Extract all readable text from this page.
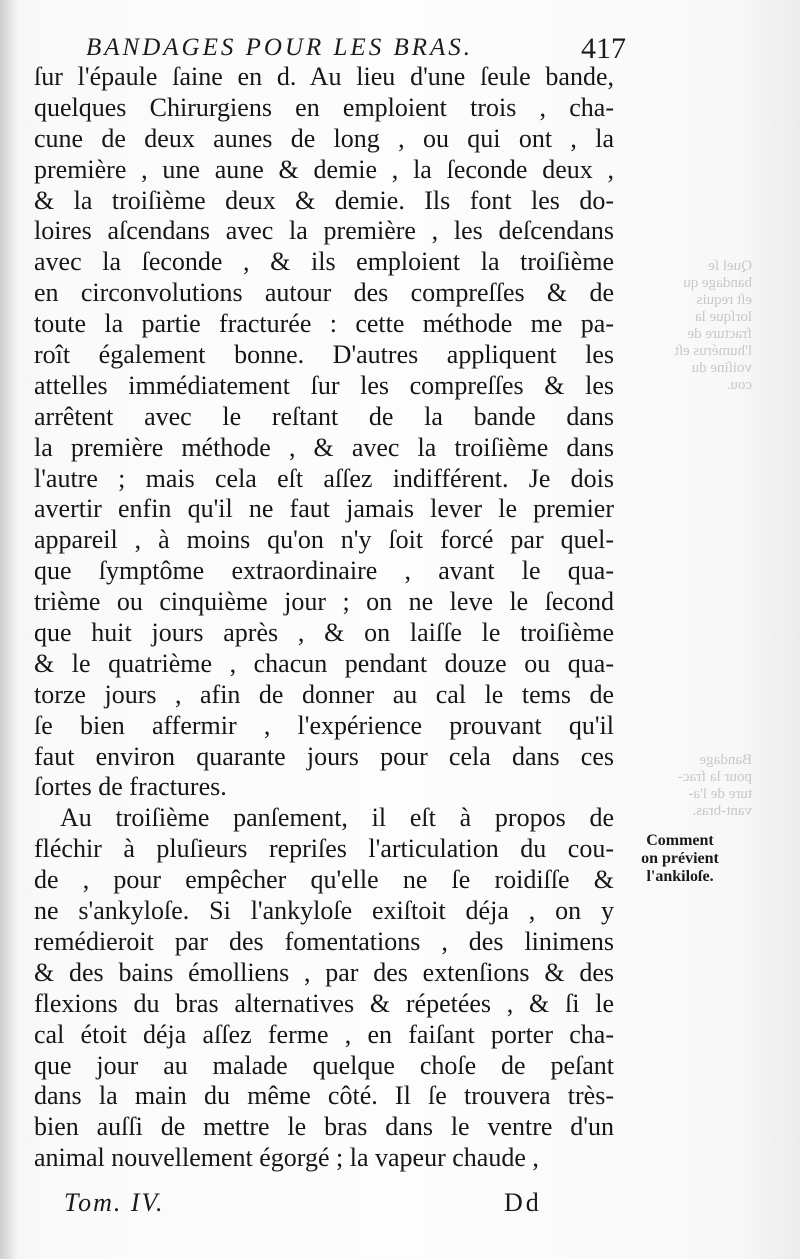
Quel ſe
bandage qu
eſt requis
lorſque la
fracture de
l'humérus eſt
voiſine du
cou.
Bandage
pour la frac-
ture de l'a-
vant-bras.
BANDAGES POUR LES BRAS.	417
ſur l'épaule ſaine en d. Au lieu d'une ſeule bande,
quelques Chirurgiens en emploient trois , cha-
cune de deux aunes de long , ou qui ont , la
première , une aune & demie , la ſeconde deux ,
& la troiſième deux & demie. Ils font les do-
loires aſcendans avec la première , les deſcendans
avec la ſeconde , & ils emploient la troiſième
en circonvolutions autour des compreſſes & de
toute la partie fracturée : cette méthode me pa-
roît également bonne. D'autres appliquent les
attelles immédiatement ſur les compreſſes & les
arrêtent avec le reſtant de la bande dans
la première méthode , & avec la troiſième dans
l'autre ; mais cela eſt aſſez indifférent. Je dois
avertir enfin qu'il ne faut jamais lever le premier
appareil , à moins qu'on n'y ſoit forcé par quel-
que ſymptôme extraordinaire , avant le qua-
trième ou cinquième jour ; on ne leve le ſecond
que huit jours après , & on laiſſe le troiſième
& le quatrième , chacun pendant douze ou qua-
torze jours , afin de donner au cal le tems de
ſe bien affermir , l'expérience prouvant qu'il
faut environ quarante jours pour cela dans ces
ſortes de fractures.
Au troiſième panſement, il eſt à propos de
fléchir à pluſieurs repriſes l'articulation du cou-
de , pour empêcher qu'elle ne ſe roidiſſe &
ne s'ankyloſe. Si l'ankyloſe exiſtoit déja , on y
remédieroit par des fomentations , des linimens
& des bains émolliens , par des extenſions & des
flexions du bras alternatives & répetées , & ſi le
cal étoit déja aſſez ferme , en faiſant porter cha-
que jour au malade quelque choſe de peſant
dans la main du même côté. Il ſe trouvera très-
bien auſſi de mettre le bras dans le ventre d'un
animal nouvellement égorgé ; la vapeur chaude ,
Comment
on prévient
l'ankiloſe.
Tom. IV.	Dd
